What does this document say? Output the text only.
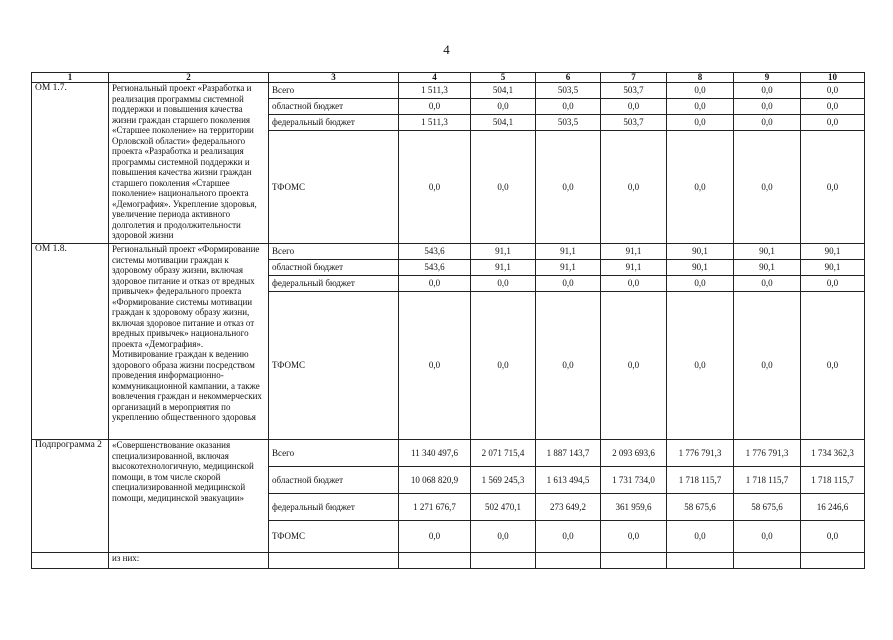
4
1	2	3	4	5	6	7	8	9	10
ОМ 1.7.	Региональный проект «Разработка и реализация программы системной поддержки и повышения качества жизни граждан старшего поколения «Старшее поколение» на территории Орловской области» федерального проекта «Разработка и реализация программы системной поддержки и повышения качества жизни граждан старшего поколения «Старшее поколение» национального проекта «Демография». Укрепление здоровья, увеличение периода активного долголетия и продолжительности здоровой жизни	Всего	1 511,3	504,1	503,5	503,7	0,0	0,0	0,0
		областной бюджет	0,0	0,0	0,0	0,0	0,0	0,0	0,0
		федеральный бюджет	1 511,3	504,1	503,5	503,7	0,0	0,0	0,0
		ТФОМС	0,0	0,0	0,0	0,0	0,0	0,0	0,0
ОМ 1.8.	Региональный проект «Формирование системы мотивации граждан к здоровому образу жизни, включая здоровое питание и отказ от вредных привычек» федерального проекта «Формирование системы мотивации граждан к здоровому образу жизни, включая здоровое питание и отказ от вредных привычек» национального проекта «Демография». Мотивирование граждан к ведению здорового образа жизни посредством проведения информационно-коммуникационной кампании, а также вовлечения граждан и некоммерческих организаций в мероприятия по укреплению общественного здоровья	Всего	543,6	91,1	91,1	91,1	90,1	90,1	90,1
		областной бюджет	543,6	91,1	91,1	91,1	90,1	90,1	90,1
		федеральный бюджет	0,0	0,0	0,0	0,0	0,0	0,0	0,0
		ТФОМС	0,0	0,0	0,0	0,0	0,0	0,0	0,0
Подпрограмма 2	«Совершенствование оказания специализированной, включая высокотехнологичную, медицинской помощи, в том числе скорой специализированной медицинской помощи, медицинской эвакуации»	Всего	11 340 497,6	2 071 715,4	1 887 143,7	2 093 693,6	1 776 791,3	1 776 791,3	1 734 362,3
		областной бюджет	10 068 820,9	1 569 245,3	1 613 494,5	1 731 734,0	1 718 115,7	1 718 115,7	1 718 115,7
		федеральный бюджет	1 271 676,7	502 470,1	273 649,2	361 959,6	58 675,6	58 675,6	16 246,6
		ТФОМС	0,0	0,0	0,0	0,0	0,0	0,0	0,0
	из них:								
